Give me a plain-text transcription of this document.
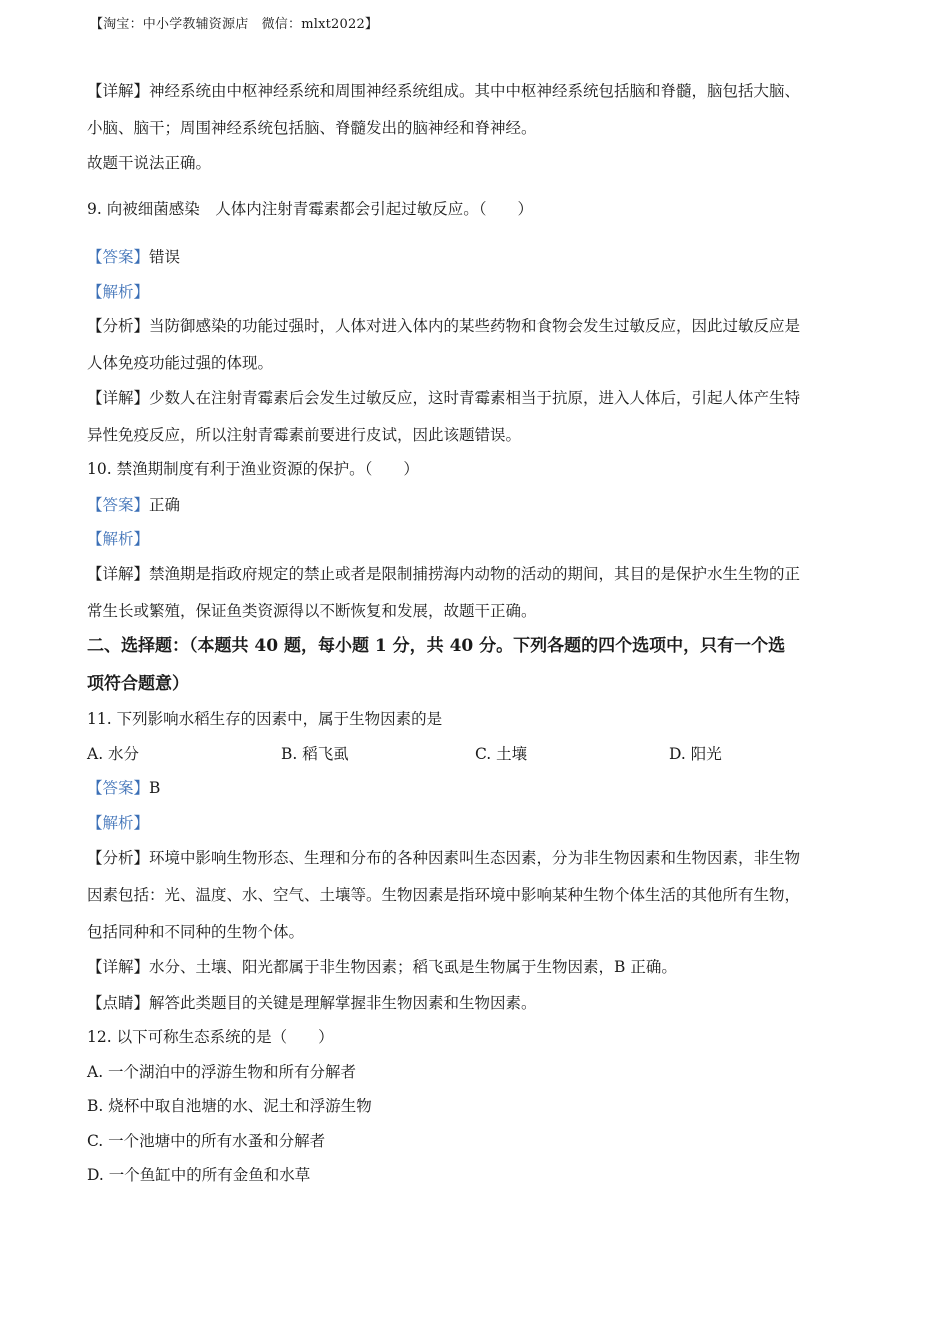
【淘宝：中小学教辅资源店　微信：mlxt2022】
【详解】神经系统由中枢神经系统和周围神经系统组成。其中中枢神经系统包括脑和脊髓，脑包括大脑、
小脑、脑干；周围神经系统包括脑、脊髓发出的脑神经和脊神经。
故题干说法正确。
9. 向被细菌感染　人体内注射青霉素都会引起过敏反应。（　　）
【答案】错误
【解析】
【分析】当防御感染的功能过强时，人体对进入体内的某些药物和食物会发生过敏反应，因此过敏反应是
人体免疫功能过强的体现。
【详解】少数人在注射青霉素后会发生过敏反应，这时青霉素相当于抗原，进入人体后，引起人体产生特
异性免疫反应，所以注射青霉素前要进行皮试，因此该题错误。
10. 禁渔期制度有利于渔业资源的保护。（　　）
【答案】正确
【解析】
【详解】禁渔期是指政府规定的禁止或者是限制捕捞海内动物的活动的期间，其目的是保护水生生物的正
常生长或繁殖，保证鱼类资源得以不断恢复和发展，故题干正确。
二、选择题：（本题共 40 题，每小题 1 分，共 40 分。下列各题的四个选项中，只有一个选
项符合题意）
11. 下列影响水稻生存的因素中，属于生物因素的是
A. 水分	B. 稻飞虱	C. 土壤	D. 阳光
【答案】B
【解析】
【分析】环境中影响生物形态、生理和分布的各种因素叫生态因素，分为非生物因素和生物因素，非生物
因素包括：光、温度、水、空气、土壤等。生物因素是指环境中影响某种生物个体生活的其他所有生物，
包括同种和不同种的生物个体。
【详解】水分、土壤、阳光都属于非生物因素；稻飞虱是生物属于生物因素，B 正确。
【点睛】解答此类题目的关键是理解掌握非生物因素和生物因素。
12. 以下可称生态系统的是（　　）
A. 一个湖泊中的浮游生物和所有分解者
B. 烧杯中取自池塘的水、泥土和浮游生物
C. 一个池塘中的所有水蚤和分解者
D. 一个鱼缸中的所有金鱼和水草
